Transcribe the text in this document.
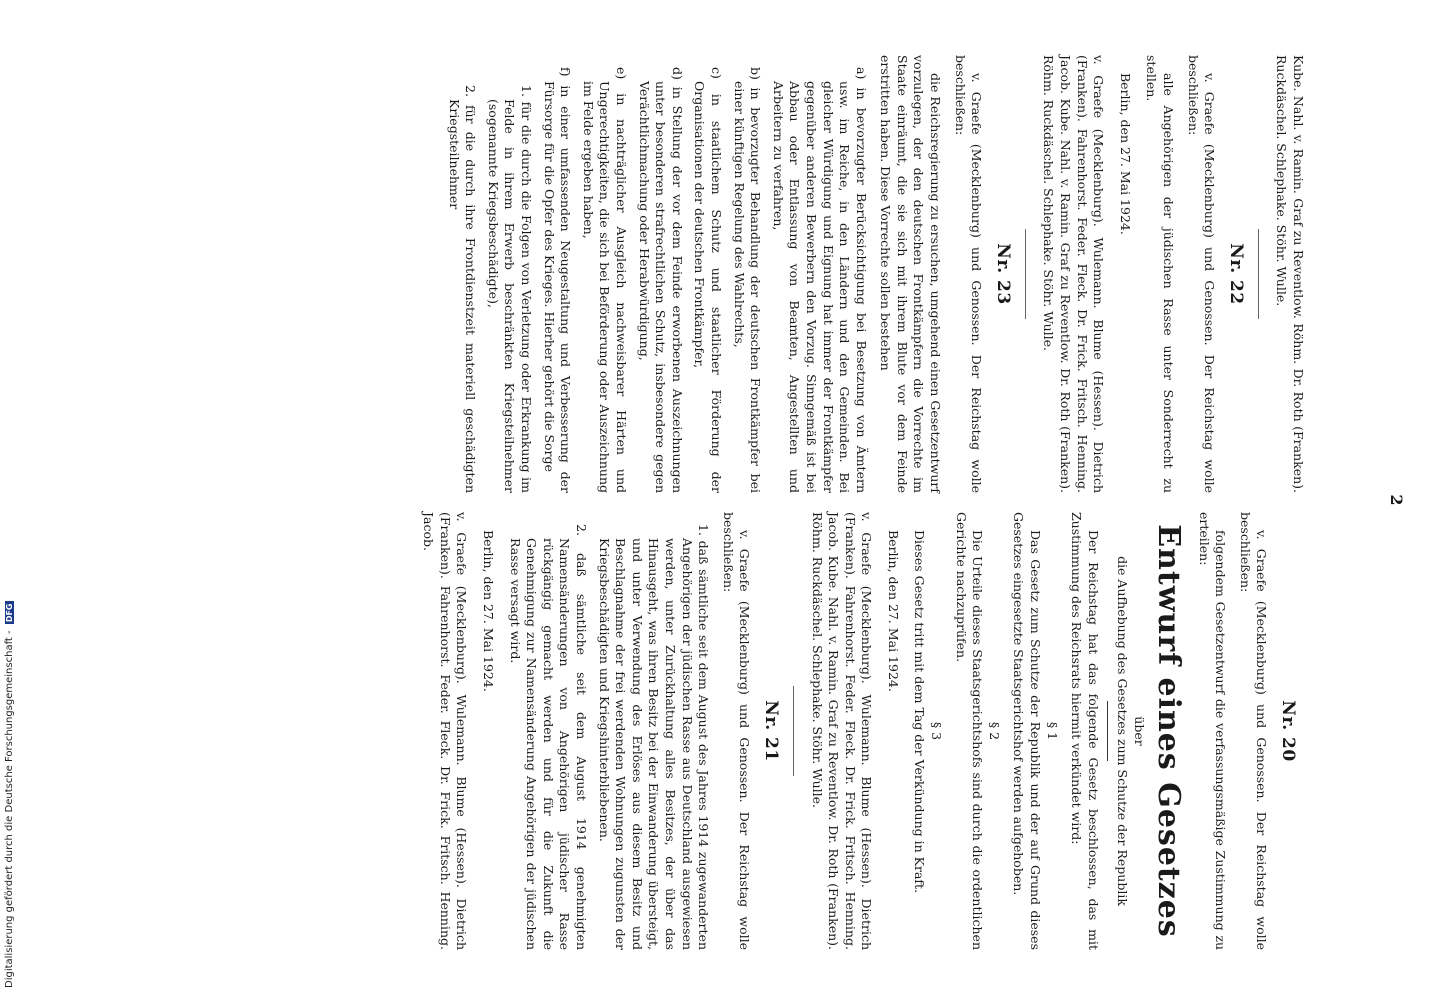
2
Nr. 20

v. Graefe (Mecklenburg) und Genossen. Der Reichstag wolle beschließen:

folgendem Gesetzentwurf die verfassungsmäßige Zustimmung zu erteilen:

Entwurf eines Gesetzes
über
die Aufhebung des Gesetzes zum Schutze der Republik

Der Reichstag hat das folgende Gesetz beschlossen, das mit Zustimmung des Reichsrats hiermit verkündet wird:

§ 1

Das Gesetz zum Schutze der Republik und der auf Grund dieses Gesetzes eingesetzte Staatsgerichtshof werden aufgehoben.

§ 2

Die Urteile dieses Staatsgerichtshofs sind durch die ordentlichen Gerichte nachzuprüfen.

§ 3

Dieses Gesetz tritt mit dem Tag der Verkündung in Kraft.

Berlin, den 27. Mai 1924.

v. Graefe (Mecklenburg). Wulemann. Blume (Hessen). Dietrich (Franken). Fahrenhorst. Feder. Fleck. Dr. Frick. Fritsch. Henning. Jacob. Kube. Nahl. v. Ramin. Graf zu Reventlow. Dr. Roth (Franken). Röhm. Ruckdäschel. Schlephake. Stöhr. Wulle.

Nr. 21

v. Graefe (Mecklenburg) und Genossen. Der Reichstag wolle beschließen:

1. daß sämtliche seit dem August des Jahres 1914 zugewanderten Angehörigen der jüdischen Rasse aus Deutschland ausgewiesen werden, unter Zurückhaltung alles Besitzes, der über das Hinausgeht, was ihren Besitz bei der Einwanderung übersteigt, und unter Verwendung des Erlöses aus diesem Besitz und Beschlagnahme der frei werdenden Wohnungen zugunsten der Kriegsbeschädigten und Kriegshinterbliebenen.

2. daß sämtliche seit dem August 1914 genehmigten Namensänderungen von Angehörigen jüdischer Rasse rückgängig gemacht werden und für die Zukunft die Genehmigung zur Namensänderung Angehörigen der jüdischen Rasse versagt wird.

Berlin, den 27. Mai 1924.

v. Graefe (Mecklenburg). Wulemann. Blume (Hessen). Dietrich (Franken). Fahrenhorst. Feder. Fleck. Dr. Frick. Fritsch. Henning. Jacob.

Kube. Nahl. v. Ramin. Graf zu Reventlow. Röhm. Dr. Roth (Franken). Ruckdäschel. Schlephake. Stöhr. Wulle.

Nr. 22

v. Graefe (Mecklenburg) und Genossen. Der Reichstag wolle beschließen:

alle Angehörigen der jüdischen Rasse unter Sonderrecht zu stellen.

Berlin, den 27. Mai 1924.

v. Graefe (Mecklenburg). Wulemann. Blume (Hessen). Dietrich (Franken). Fahrenhorst. Feder. Fleck. Dr. Frick. Fritsch. Henning. Jacob. Kube. Nahl. v. Ramin. Graf zu Reventlow. Dr. Roth (Franken). Röhm. Ruckdäschel. Schlephake. Stöhr. Wulle.

Nr. 23

v. Graefe (Mecklenburg) und Genossen. Der Reichstag wolle beschließen:

die Reichsregierung zu ersuchen, umgehend einen Gesetzentwurf vorzulegen, der den deutschen Frontkämpfern die Vorrechte im Staate einräumt, die sie sich mit ihrem Blute vor dem Feinde erstritten haben. Diese Vorrechte sollen bestehen

a) in bevorzugter Berücksichtigung bei Besetzung von Ämtern usw. im Reiche, in den Ländern und den Gemeinden. Bei gleicher Würdigung und Eignung hat immer der Frontkämpfer gegenüber anderen Bewerbern den Vorzug. Sinngemäß ist bei Abbau oder Entlassung von Beamten, Angestellten und Arbeitern zu verfahren,

b) in bevorzugter Behandlung der deutschen Frontkämpfer bei einer künftigen Regelung des Wahlrechts,

c) in staatlichem Schutz und staatlicher Förderung der Organisationen der deutschen Frontkämpfer,

d) in Stellung der vor dem Feinde erworbenen Auszeichnungen unter besonderen strafrechtlichen Schutz, insbesondere gegen Verächtlichmachung oder Herabwürdigung,

e) in nachträglicher Ausgleich nachweisbarer Härten und Ungerechtigkeiten, die sich bei Beförderung oder Auszeichnung im Felde ergeben haben,

f) in einer umfassenden Neugestaltung und Verbesserung der Fürsorge für die Opfer des Krieges. Hierher gehört die Sorge

1. für die durch die Folgen von Verletzung oder Erkrankung im Felde in ihrem Erwerb beschränkten Kriegsteilnehmer (sogenannte Kriegsbeschädigte),

2. für die durch ihre Frontdienstzeit materiell geschädigten Kriegsteilnehmer

Digitalisierung gefördert durch die Deutsche Forschungsgemeinschaft - DFG
